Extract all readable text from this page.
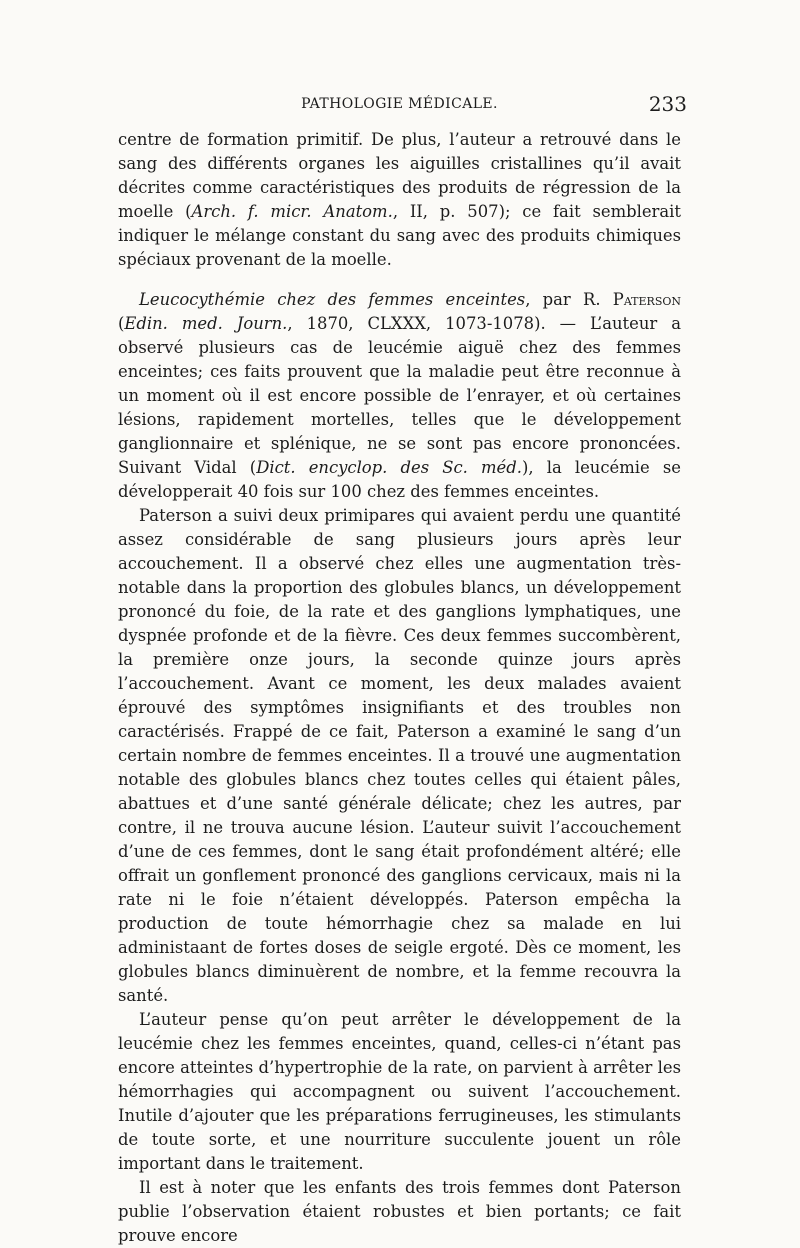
PATHOLOGIE MÉDICALE.	233

centre de formation primitif. De plus, l’auteur a retrouvé dans le sang des différents organes les aiguilles cristallines qu’il avait décrites comme caractéristiques des produits de régression de la moelle (Arch. f. micr. Anatom., II, p. 507); ce fait semblerait indiquer le mélange constant du sang avec des produits chimiques spéciaux provenant de la moelle.

Leucocythémie chez des femmes enceintes, par R. Paterson (Edin. med. Journ., 1870, CLXXX, 1073-1078). — L’auteur a observé plusieurs cas de leucémie aiguë chez des femmes enceintes; ces faits prouvent que la maladie peut être reconnue à un moment où il est encore possible de l’enrayer, et où certaines lésions, rapidement mortelles, telles que le développement ganglionnaire et splénique, ne se sont pas encore prononcées. Suivant Vidal (Dict. encyclop. des Sc. méd.), la leucémie se développerait 40 fois sur 100 chez des femmes enceintes.

Paterson a suivi deux primipares qui avaient perdu une quantité assez considérable de sang plusieurs jours après leur accouchement. Il a observé chez elles une augmentation très-notable dans la proportion des globules blancs, un développement prononcé du foie, de la rate et des ganglions lymphatiques, une dyspnée profonde et de la fièvre. Ces deux femmes succombèrent, la première onze jours, la seconde quinze jours après l’accouchement. Avant ce moment, les deux malades avaient éprouvé des symptômes insignifiants et des troubles non caractérisés. Frappé de ce fait, Paterson a examiné le sang d’un certain nombre de femmes enceintes. Il a trouvé une augmentation notable des globules blancs chez toutes celles qui étaient pâles, abattues et d’une santé générale délicate; chez les autres, par contre, il ne trouva aucune lésion. L’auteur suivit l’accouchement d’une de ces femmes, dont le sang était profondément altéré; elle offrait un gonflement prononcé des ganglions cervicaux, mais ni la rate ni le foie n’étaient développés. Paterson empêcha la production de toute hémorrhagie chez sa malade en lui administaant de fortes doses de seigle ergoté. Dès ce moment, les globules blancs diminuèrent de nombre, et la femme recouvra la santé.

L’auteur pense qu’on peut arrêter le développement de la leucémie chez les femmes enceintes, quand, celles-ci n’étant pas encore atteintes d’hypertrophie de la rate, on parvient à arrêter les hémorrhagies qui accompagnent ou suivent l’accouchement. Inutile d’ajouter que les préparations ferrugineuses, les stimulants de toute sorte, et une nourriture succulente jouent un rôle important dans le traitement.

Il est à noter que les enfants des trois femmes dont Paterson publie l’observation étaient robustes et bien portants; ce fait prouve encore
